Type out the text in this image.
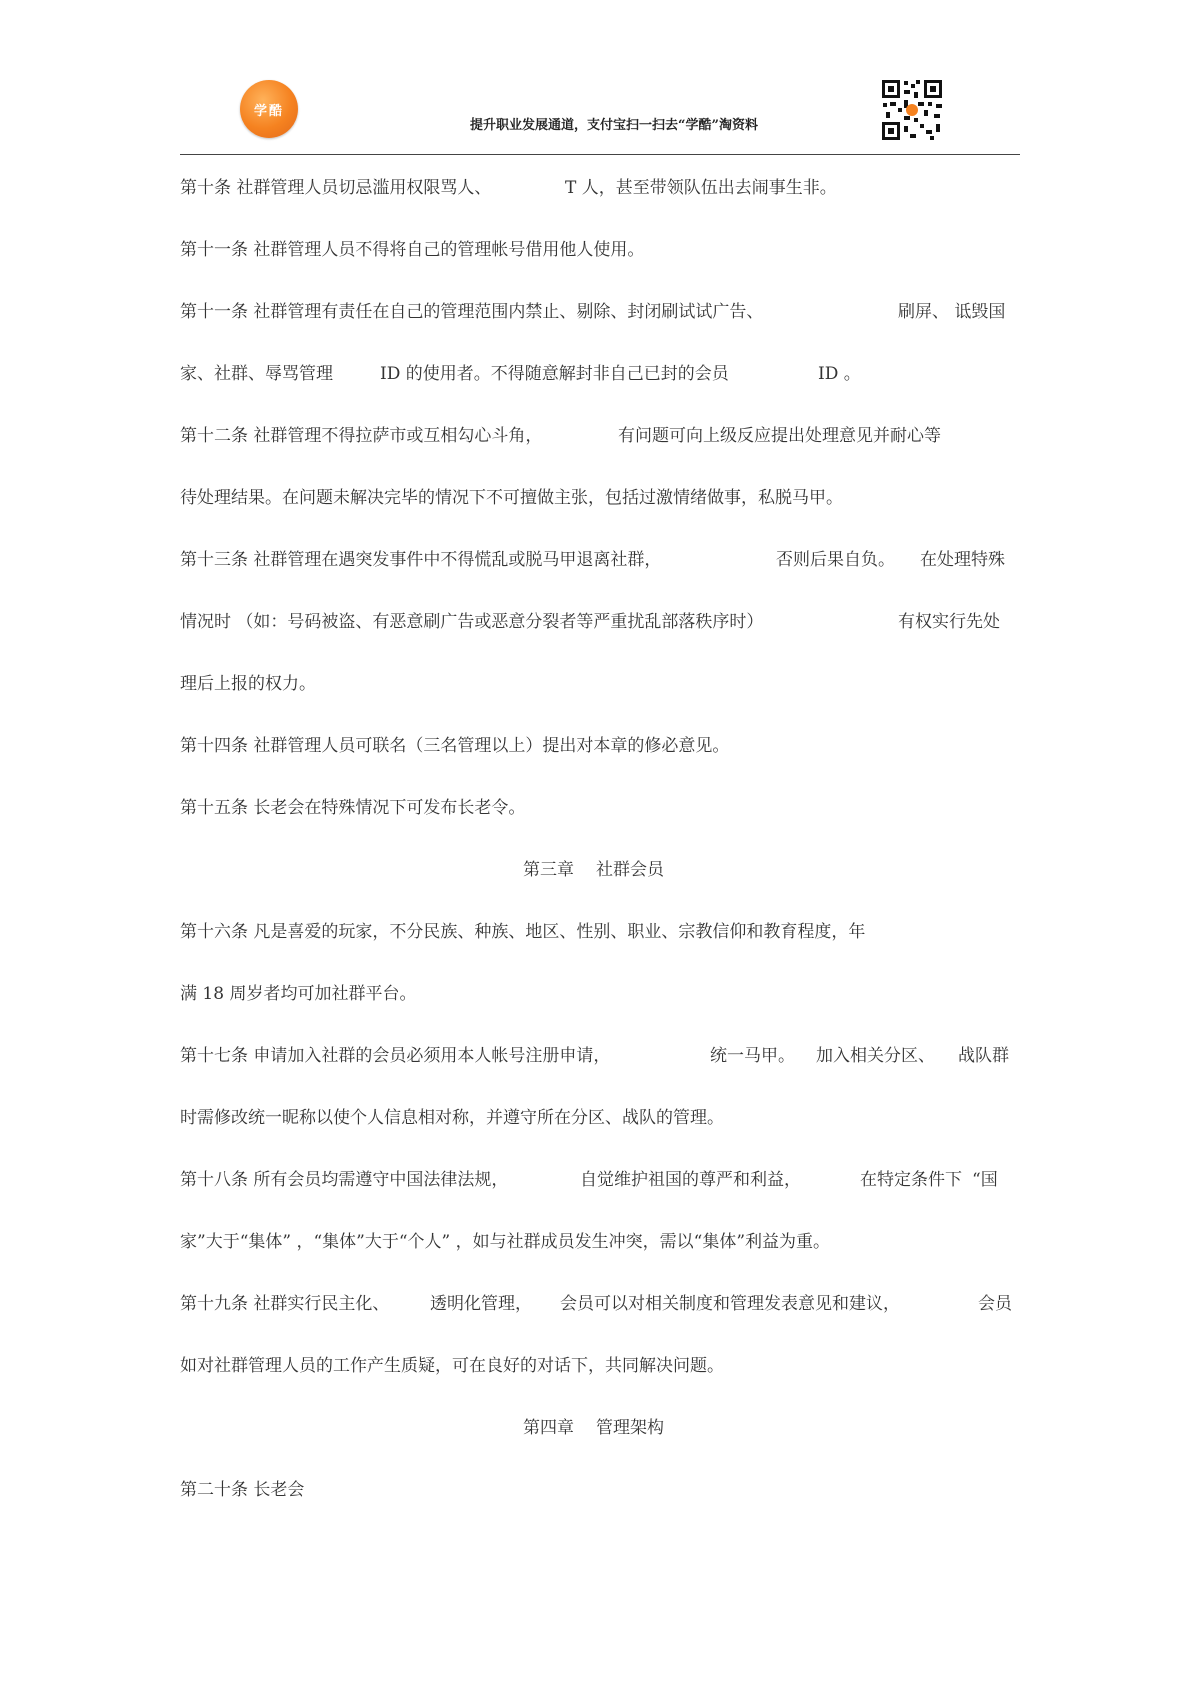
学酷
提升职业发展通道，支付宝扫一扫去“学酷”淘资料
第十条 社群管理人员切忌滥用权限骂人、	T 人，甚至带领队伍出去闹事生非。
第十一条 社群管理人员不得将自己的管理帐号借用他人使用。
第十一条 社群管理有责任在自己的管理范围内禁止、剔除、封闭刷试试广告、	刷屏、 诋毁国
家、社群、辱骂管理	ID 的使用者。不得随意解封非自己已封的会员	ID 。
第十二条 社群管理不得拉萨市或互相勾心斗角，	有问题可向上级反应提出处理意见并耐心等
待处理结果。在问题未解决完毕的情况下不可擅做主张，包括过激情绪做事，私脱马甲。
第十三条 社群管理在遇突发事件中不得慌乱或脱马甲退离社群，	否则后果自负。 在处理特殊
情况时 （如：号码被盗、有恶意刷广告或恶意分裂者等严重扰乱部落秩序时）	有权实行先处
理后上报的权力。
第十四条 社群管理人员可联名（三名管理以上）提出对本章的修必意见。
第十五条 长老会在特殊情况下可发布长老令。
第三章 社群会员
第十六条 凡是喜爱的玩家，不分民族、种族、地区、性别、职业、宗教信仰和教育程度，年
满 18 周岁者均可加社群平台。
第十七条 申请加入社群的会员必须用本人帐号注册申请，	统一马甲。 加入相关分区、 战队群
时需修改统一昵称以使个人信息相对称，并遵守所在分区、战队的管理。
第十八条 所有会员均需遵守中国法律法规，	自觉维护祖国的尊严和利益，	在特定条件下 “国
家”大于“集体” ，“集体”大于“个人” ，如与社群成员发生冲突，需以“集体”利益为重。
第十九条 社群实行民主化、 透明化管理， 会员可以对相关制度和管理发表意见和建议，	会员
如对社群管理人员的工作产生质疑，可在良好的对话下，共同解决问题。
第四章 管理架构
第二十条 长老会
